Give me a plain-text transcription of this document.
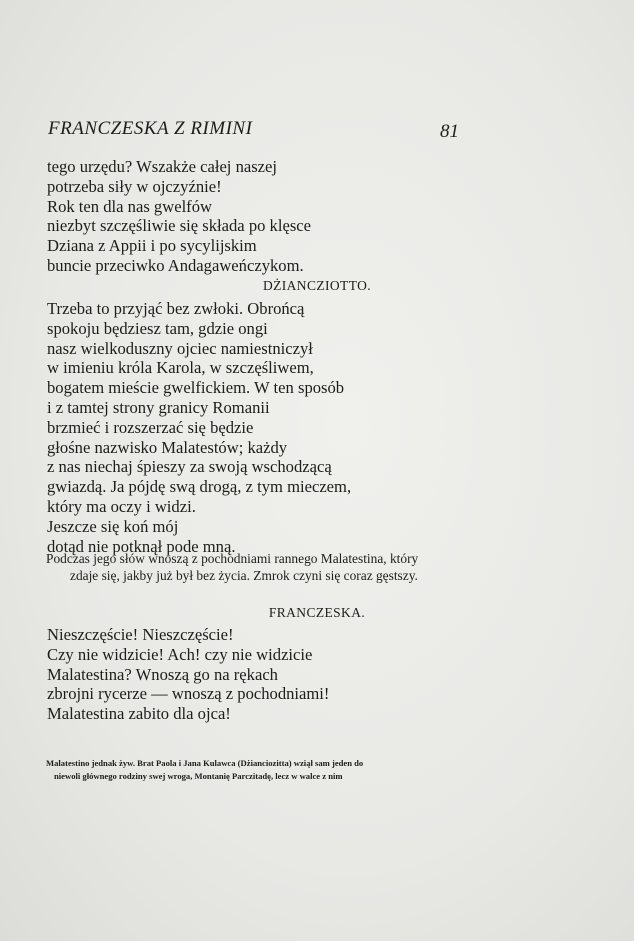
FRANCZESKA Z RIMINI	81
tego urzędu? Wszakże całej naszej
potrzeba siły w ojczyźnie!
Rok ten dla nas gwelfów
niezbyt szczęśliwie się składa po klęsce
Dziana z Appii i po sycylijskim
buncie przeciwko Andagaweńczykom.
DŻIANCZIOTTO.
Trzeba to przyjąć bez zwłoki. Obrońcą
spokoju będziesz tam, gdzie ongi
nasz wielkoduszny ojciec namiestniczył
w imieniu króla Karola, w szczęśliwem,
bogatem mieście gwelfickiem. W ten sposób
i z tamtej strony granicy Romanii
brzmieć i rozszerzać się będzie
głośne nazwisko Malatestów; każdy
z nas niechaj śpieszy za swoją wschodzącą
gwiazdą. Ja pójdę swą drogą, z tym mieczem,
który ma oczy i widzi.
Jeszcze się koń mój
dotąd nie potknął pode mną.
Podczas jego słów wnoszą z pochodniami rannego Malatestina, który
zdaje się, jakby już był bez życia. Zmrok czyni się coraz gęstszy.
FRANCZESKA.
Nieszczęście! Nieszczęście!
Czy nie widzicie! Ach! czy nie widzicie
Malatestina? Wnoszą go na rękach
zbrojni rycerze — wnoszą z pochodniami!
Malatestina zabito dla ojca!
Malatestino jednak żyw. Brat Paola i Jana Kulawca (Dżianciozitta) wziął sam jeden do
niewoli głównego rodziny swej wroga, Montanię Parczitadę, lecz w walce z nim
